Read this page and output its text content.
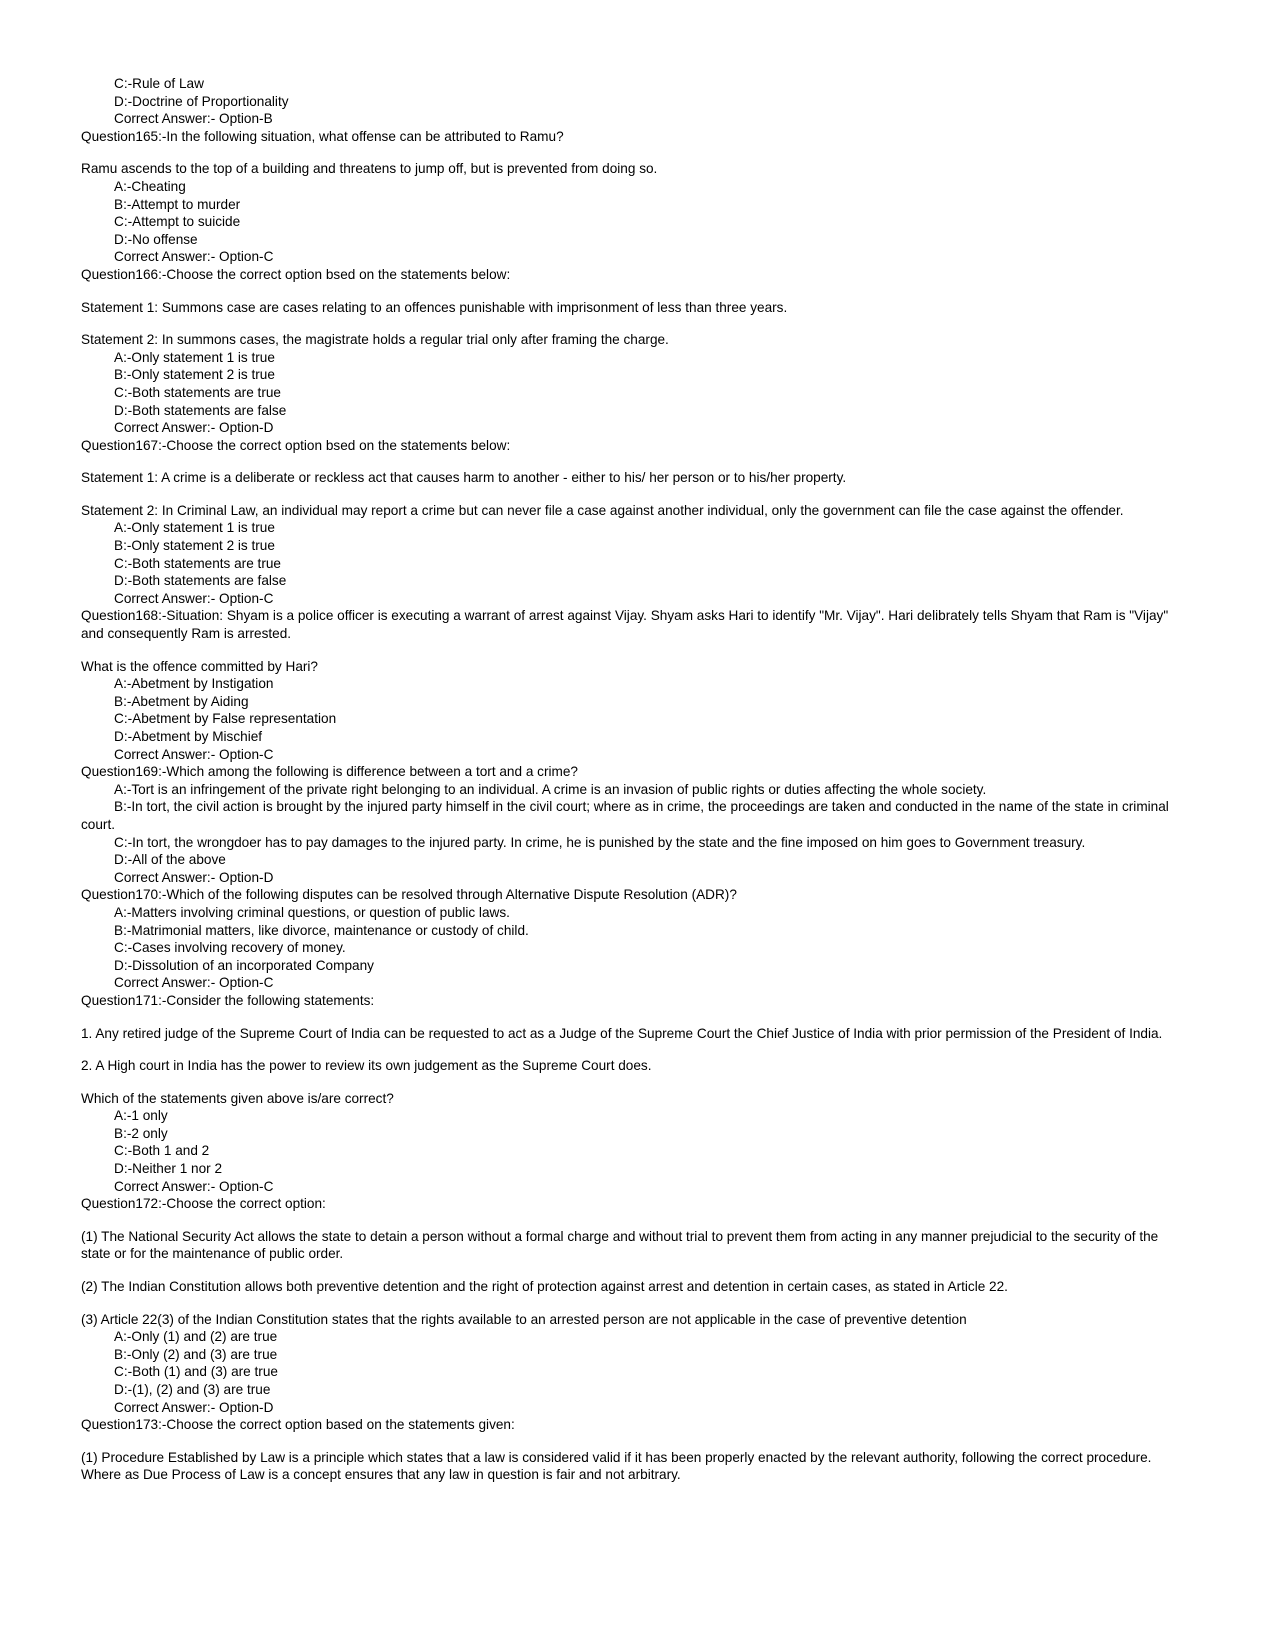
C:-Rule of Law
D:-Doctrine of Proportionality
Correct Answer:- Option-B
Question165:-In the following situation, what offense can be attributed to Ramu?
Ramu ascends to the top of a building and threatens to jump off, but is prevented from doing so.
A:-Cheating
B:-Attempt to murder
C:-Attempt to suicide
D:-No offense
Correct Answer:- Option-C
Question166:-Choose the correct option bsed on the statements below:
Statement 1: Summons case are cases relating to an offences punishable with imprisonment of less than three years.
Statement 2: In summons cases, the magistrate holds a regular trial only after framing the charge.
A:-Only statement 1 is true
B:-Only statement 2 is true
C:-Both statements are true
D:-Both statements are false
Correct Answer:- Option-D
Question167:-Choose the correct option bsed on the statements below:
Statement 1: A crime is a deliberate or reckless act that causes harm to another - either to his/ her person or to his/her property.
Statement 2: In Criminal Law, an individual may report a crime but can never file a case against another individual, only the government can file the case against the offender.
A:-Only statement 1 is true
B:-Only statement 2 is true
C:-Both statements are true
D:-Both statements are false
Correct Answer:- Option-C
Question168:-Situation: Shyam is a police officer is executing a warrant of arrest against Vijay. Shyam asks Hari to identify "Mr. Vijay". Hari delibrately tells Shyam that Ram is "Vijay" and consequently Ram is arrested.
What is the offence committed by Hari?
A:-Abetment by Instigation
B:-Abetment by Aiding
C:-Abetment by False representation
D:-Abetment by Mischief
Correct Answer:- Option-C
Question169:-Which among the following is difference between a tort and a crime?
A:-Tort is an infringement of the private right belonging to an individual. A crime is an invasion of public rights or duties affecting the whole society.
B:-In tort, the civil action is brought by the injured party himself in the civil court; where as in crime, the proceedings are taken and conducted in the name of the state in criminal court.
C:-In tort, the wrongdoer has to pay damages to the injured party. In crime, he is punished by the state and the fine imposed on him goes to Government treasury.
D:-All of the above
Correct Answer:- Option-D
Question170:-Which of the following disputes can be resolved through Alternative Dispute Resolution (ADR)?
A:-Matters involving criminal questions, or question of public laws.
B:-Matrimonial matters, like divorce, maintenance or custody of child.
C:-Cases involving recovery of money.
D:-Dissolution of an incorporated Company
Correct Answer:- Option-C
Question171:-Consider the following statements:
1. Any retired judge of the Supreme Court of India can be requested to act as a Judge of the Supreme Court the Chief Justice of India with prior permission of the President of India.
2. A High court in India has the power to review its own judgement as the Supreme Court does.
Which of the statements given above is/are correct?
A:-1 only
B:-2 only
C:-Both 1 and 2
D:-Neither 1 nor 2
Correct Answer:- Option-C
Question172:-Choose the correct option:
(1) The National Security Act allows the state to detain a person without a formal charge and without trial to prevent them from acting in any manner prejudicial to the security of the state or for the maintenance of public order.
(2) The Indian Constitution allows both preventive detention and the right of protection against arrest and detention in certain cases, as stated in Article 22.
(3) Article 22(3) of the Indian Constitution states that the rights available to an arrested person are not applicable in the case of preventive detention
A:-Only (1) and (2) are true
B:-Only (2) and (3) are true
C:-Both (1) and (3) are true
D:-(1), (2) and (3) are true
Correct Answer:- Option-D
Question173:-Choose the correct option based on the statements given:
(1) Procedure Established by Law is a principle which states that a law is considered valid if it has been properly enacted by the relevant authority, following the correct procedure. Where as Due Process of Law is a concept ensures that any law in question is fair and not arbitrary.
